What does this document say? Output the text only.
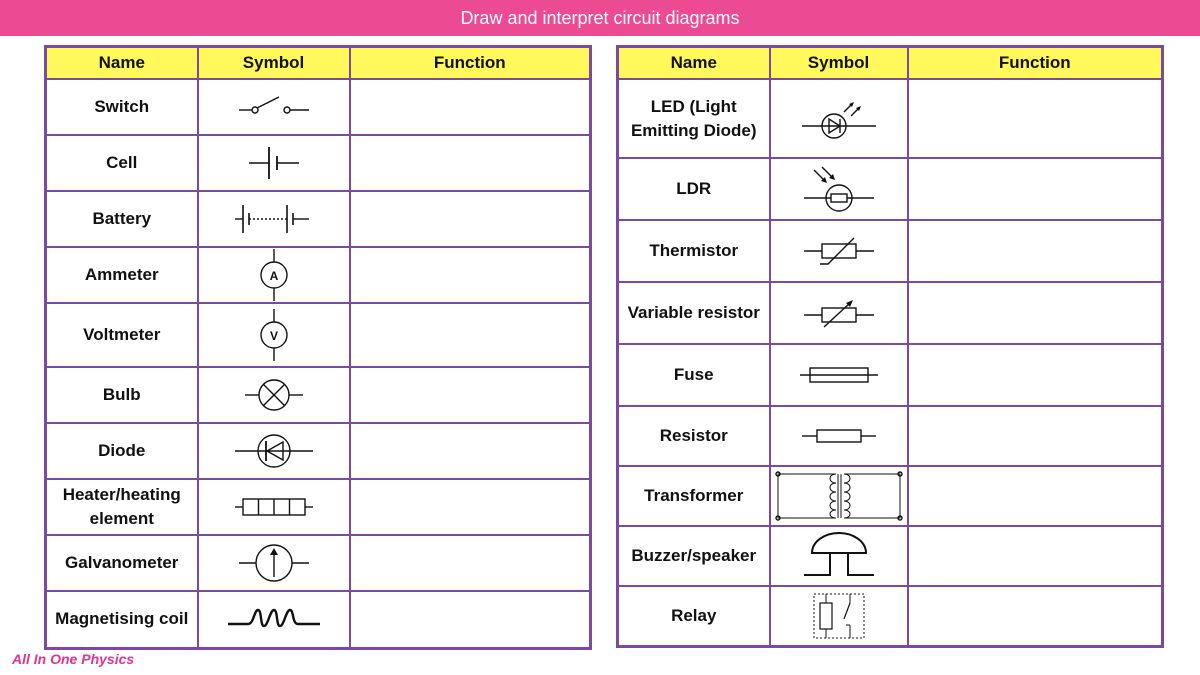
Draw and interpret circuit diagrams
Name	Symbol	Function
Switch	

Cell	

Battery	

Ammeter	A	

Voltmeter	V	

Bulb	

Diode	

Heater/heating element	

Galvanometer	

Magnetising coil	

Name	Symbol	Function
LED (Light Emitting Diode)	

LDR	

Thermistor	

Variable resistor	

Fuse	

Resistor	

Transformer	

Buzzer/speaker	

Relay	

All In One Physics
